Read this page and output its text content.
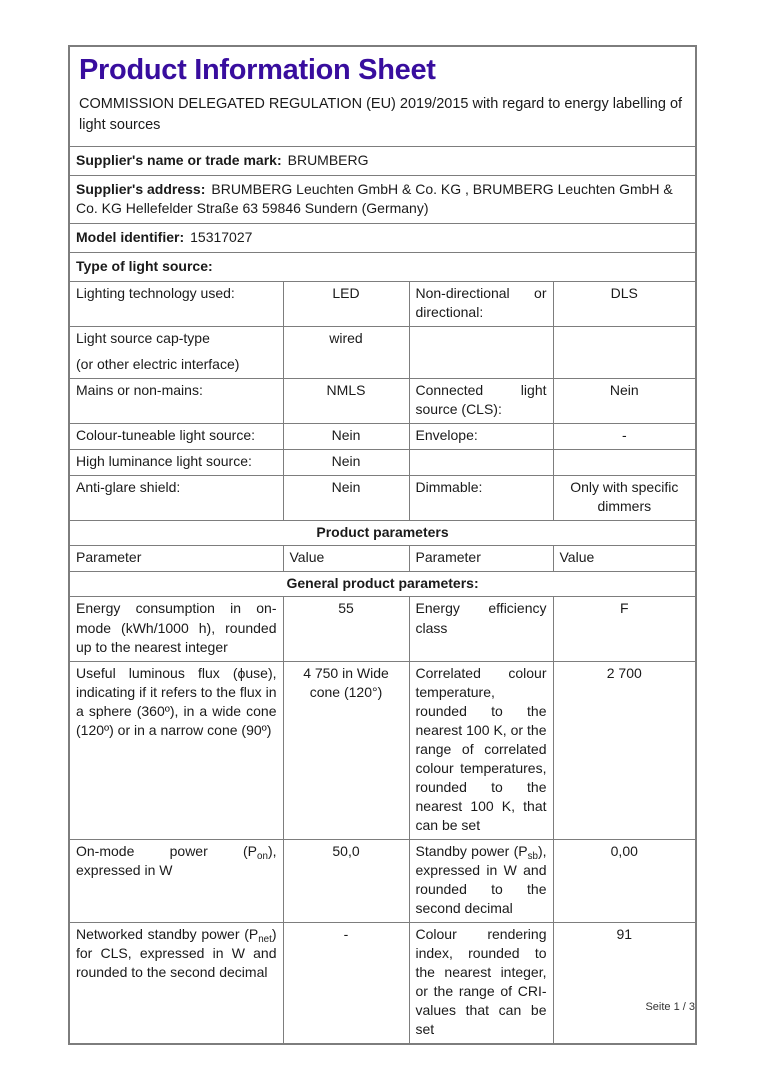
Product Information Sheet
COMMISSION DELEGATED REGULATION (EU) 2019/2015 with regard to energy labelling of light sources			

Supplier's name or trade mark: BRUMBERG			
Supplier's address: BRUMBERG Leuchten GmbH & Co. KG , BRUMBERG Leuchten GmbH & Co. KG Hellefelder Straße 63 59846 Sundern (Germany)			
Model identifier: 15317027			
Type of light source:			
Lighting technology used:	LED	Non-directional or directional:	DLS

Light source cap-type
(or other electric interface)	wired		
Mains or non-mains:	NMLS	Connected light source (CLS):	Nein
Colour-tuneable light source:	Nein	Envelope:	-
High luminance light source:	Nein		
Anti-glare shield:	Nein	Dimmable:	Only with specific dimmers
Product parameters			
Parameter	Value	Parameter	Value
General product parameters:			
Energy consumption in on-mode (kWh/1000 h), rounded up to the nearest integer	55	Energy efficiency class	F
Useful luminous flux (ϕuse), indicating if it refers to the flux in a sphere (360º), in a wide cone (120º) or in a narrow cone (90º)	4 750 in Wide cone (120°)	Correlated colour temperature, rounded to the nearest 100 K, or the range of correlated colour temperatures, rounded to the nearest 100 K, that can be set	2 700
On-mode power (Pon), expressed in W	50,0	Standby power (Psb), expressed in W and rounded to the second decimal	0,00
Networked standby power (Pnet) for CLS, expressed in W and rounded to the second decimal	-	Colour rendering index, rounded to the nearest integer, or the range of CRI-values that can be set	91
Seite 1 / 3
